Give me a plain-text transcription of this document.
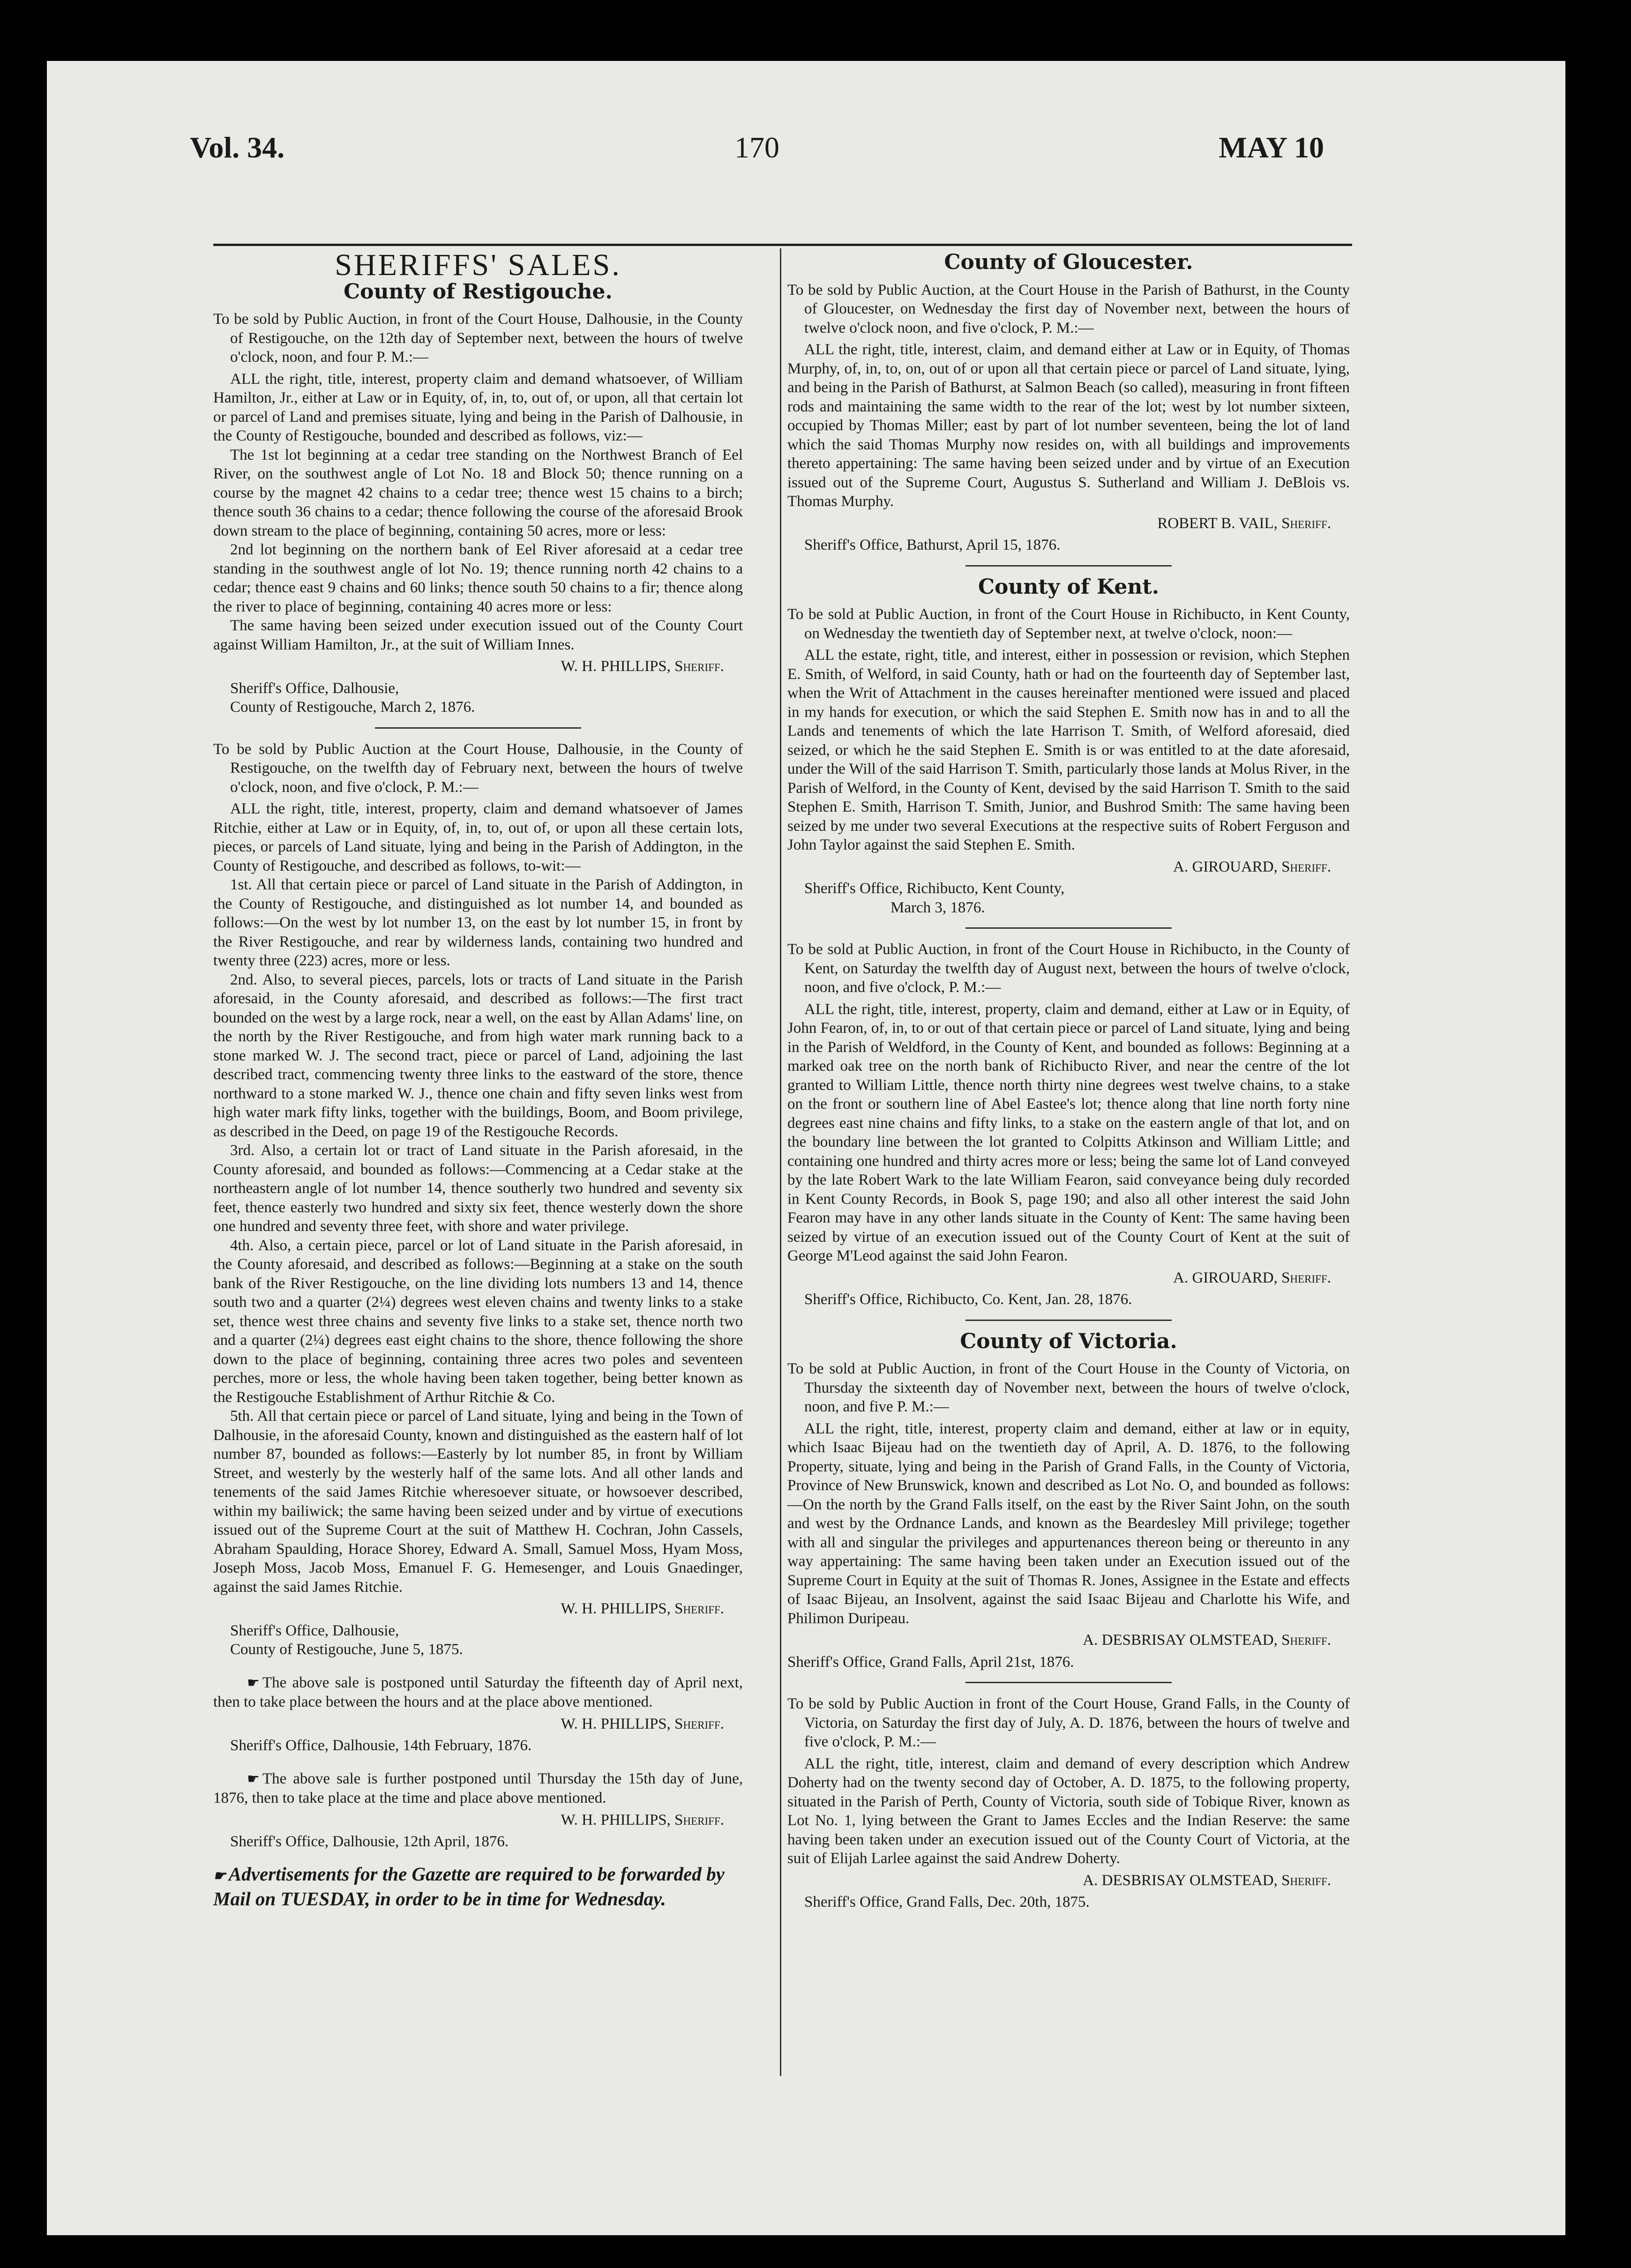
Vol. 34.	170	MAY 10
SHERIFFS' SALES.
County of Restigouche.

To be sold by Public Auction, in front of the Court House, Dalhousie, in the County of Restigouche, on the 12th day of September next, between the hours of twelve o'clock, noon, and four P. M.:—

ALL the right, title, interest, property claim and demand whatsoever, of William Hamilton, Jr., either at Law or in Equity, of, in, to, out of, or upon, all that certain lot or parcel of Land and premises situate, lying and being in the Parish of Dalhousie, in the County of Restigouche, bounded and described as follows, viz:—

The 1st lot beginning at a cedar tree standing on the Northwest Branch of Eel River, on the southwest angle of Lot No. 18 and Block 50; thence running on a course by the magnet 42 chains to a cedar tree; thence west 15 chains to a birch; thence south 36 chains to a cedar; thence following the course of the aforesaid Brook down stream to the place of beginning, containing 50 acres, more or less:

2nd lot beginning on the northern bank of Eel River aforesaid at a cedar tree standing in the southwest angle of lot No. 19; thence running north 42 chains to a cedar; thence east 9 chains and 60 links; thence south 50 chains to a fir; thence along the river to place of beginning, containing 40 acres more or less:

The same having been seized under execution issued out of the County Court against William Hamilton, Jr., at the suit of William Innes.

W. H. PHILLIPS, Sheriff.
Sheriff's Office, Dalhousie,
County of Restigouche, March 2, 1876.

To be sold by Public Auction at the Court House, Dalhousie, in the County of Restigouche, on the twelfth day of February next, between the hours of twelve o'clock, noon, and five o'clock, P. M.:—

ALL the right, title, interest, property, claim and demand whatsoever of James Ritchie, either at Law or in Equity, of, in, to, out of, or upon all these certain lots, pieces, or parcels of Land situate, lying and being in the Parish of Addington, in the County of Restigouche, and described as follows, to-wit:—

1st. All that certain piece or parcel of Land situate in the Parish of Addington, in the County of Restigouche, and distinguished as lot number 14, and bounded as follows:—On the west by lot number 13, on the east by lot number 15, in front by the River Restigouche, and rear by wilderness lands, containing two hundred and twenty three (223) acres, more or less.

2nd. Also, to several pieces, parcels, lots or tracts of Land situate in the Parish aforesaid, in the County aforesaid, and described as follows:—The first tract bounded on the west by a large rock, near a well, on the east by Allan Adams' line, on the north by the River Restigouche, and from high water mark running back to a stone marked W. J. The second tract, piece or parcel of Land, adjoining the last described tract, commencing twenty three links to the eastward of the store, thence northward to a stone marked W. J., thence one chain and fifty seven links west from high water mark fifty links, together with the buildings, Boom, and Boom privilege, as described in the Deed, on page 19 of the Restigouche Records.

3rd. Also, a certain lot or tract of Land situate in the Parish aforesaid, in the County aforesaid, and bounded as follows:—Commencing at a Cedar stake at the northeastern angle of lot number 14, thence southerly two hundred and seventy six feet, thence easterly two hundred and sixty six feet, thence westerly down the shore one hundred and seventy three feet, with shore and water privilege.

4th. Also, a certain piece, parcel or lot of Land situate in the Parish aforesaid, in the County aforesaid, and described as follows:—Beginning at a stake on the south bank of the River Restigouche, on the line dividing lots numbers 13 and 14, thence south two and a quarter (2¼) degrees west eleven chains and twenty links to a stake set, thence west three chains and seventy five links to a stake set, thence north two and a quarter (2¼) degrees east eight chains to the shore, thence following the shore down to the place of beginning, containing three acres two poles and seventeen perches, more or less, the whole having been taken together, being better known as the Restigouche Establishment of Arthur Ritchie & Co.

5th. All that certain piece or parcel of Land situate, lying and being in the Town of Dalhousie, in the aforesaid County, known and distinguished as the eastern half of lot number 87, bounded as follows:—Easterly by lot number 85, in front by William Street, and westerly by the westerly half of the same lots. And all other lands and tenements of the said James Ritchie wheresoever situate, or howsoever described, within my bailiwick; the same having been seized under and by virtue of executions issued out of the Supreme Court at the suit of Matthew H. Cochran, John Cassels, Abraham Spaulding, Horace Shorey, Edward A. Small, Samuel Moss, Hyam Moss, Joseph Moss, Jacob Moss, Emanuel F. G. Hemesenger, and Louis Gnaedinger, against the said James Ritchie.

W. H. PHILLIPS, Sheriff.
Sheriff's Office, Dalhousie,
County of Restigouche, June 5, 1875.

☛ The above sale is postponed until Saturday the fifteenth day of April next, then to take place between the hours and at the place above mentioned.

W. H. PHILLIPS, Sheriff.
Sheriff's Office, Dalhousie, 14th February, 1876.

☛ The above sale is further postponed until Thursday the 15th day of June, 1876, then to take place at the time and place above mentioned.

W. H. PHILLIPS, Sheriff.
Sheriff's Office, Dalhousie, 12th April, 1876.

☛ Advertisements for the Gazette are required to be forwarded by Mail on TUESDAY, in order to be in time for Wednesday.

County of Gloucester.

To be sold by Public Auction, at the Court House in the Parish of Bathurst, in the County of Gloucester, on Wednesday the first day of November next, between the hours of twelve o'clock noon, and five o'clock, P. M.:—

ALL the right, title, interest, claim, and demand either at Law or in Equity, of Thomas Murphy, of, in, to, on, out of or upon all that certain piece or parcel of Land situate, lying, and being in the Parish of Bathurst, at Salmon Beach (so called), measuring in front fifteen rods and maintaining the same width to the rear of the lot; west by lot number sixteen, occupied by Thomas Miller; east by part of lot number seventeen, being the lot of land which the said Thomas Murphy now resides on, with all buildings and improvements thereto appertaining: The same having been seized under and by virtue of an Execution issued out of the Supreme Court, Augustus S. Sutherland and William J. DeBlois vs. Thomas Murphy.

ROBERT B. VAIL, Sheriff.
Sheriff's Office, Bathurst, April 15, 1876.
County of Kent.

To be sold at Public Auction, in front of the Court House in Richibucto, in Kent County, on Wednesday the twentieth day of September next, at twelve o'clock, noon:—

ALL the estate, right, title, and interest, either in possession or revision, which Stephen E. Smith, of Welford, in said County, hath or had on the fourteenth day of September last, when the Writ of Attachment in the causes hereinafter mentioned were issued and placed in my hands for execution, or which the said Stephen E. Smith now has in and to all the Lands and tenements of which the late Harrison T. Smith, of Welford aforesaid, died seized, or which he the said Stephen E. Smith is or was entitled to at the date aforesaid, under the Will of the said Harrison T. Smith, particularly those lands at Molus River, in the Parish of Welford, in the County of Kent, devised by the said Harrison T. Smith to the said Stephen E. Smith, Harrison T. Smith, Junior, and Bushrod Smith: The same having been seized by me under two several Executions at the respective suits of Robert Ferguson and John Taylor against the said Stephen E. Smith.

A. GIROUARD, Sheriff.
Sheriff's Office, Richibucto, Kent County,
March 3, 1876.

To be sold at Public Auction, in front of the Court House in Richibucto, in the County of Kent, on Saturday the twelfth day of August next, between the hours of twelve o'clock, noon, and five o'clock, P. M.:—

ALL the right, title, interest, property, claim and demand, either at Law or in Equity, of John Fearon, of, in, to or out of that certain piece or parcel of Land situate, lying and being in the Parish of Weldford, in the County of Kent, and bounded as follows: Beginning at a marked oak tree on the north bank of Richibucto River, and near the centre of the lot granted to William Little, thence north thirty nine degrees west twelve chains, to a stake on the front or southern line of Abel Eastee's lot; thence along that line north forty nine degrees east nine chains and fifty links, to a stake on the eastern angle of that lot, and on the boundary line between the lot granted to Colpitts Atkinson and William Little; and containing one hundred and thirty acres more or less; being the same lot of Land conveyed by the late Robert Wark to the late William Fearon, said conveyance being duly recorded in Kent County Records, in Book S, page 190; and also all other interest the said John Fearon may have in any other lands situate in the County of Kent: The same having been seized by virtue of an execution issued out of the County Court of Kent at the suit of George M'Leod against the said John Fearon.

A. GIROUARD, Sheriff.
Sheriff's Office, Richibucto, Co. Kent, Jan. 28, 1876.
County of Victoria.

To be sold at Public Auction, in front of the Court House in the County of Victoria, on Thursday the sixteenth day of November next, between the hours of twelve o'clock, noon, and five P. M.:—

ALL the right, title, interest, property claim and demand, either at law or in equity, which Isaac Bijeau had on the twentieth day of April, A. D. 1876, to the following Property, situate, lying and being in the Parish of Grand Falls, in the County of Victoria, Province of New Brunswick, known and described as Lot No. O, and bounded as follows:—On the north by the Grand Falls itself, on the east by the River Saint John, on the south and west by the Ordnance Lands, and known as the Beardesley Mill privilege; together with all and singular the privileges and appurtenances thereon being or thereunto in any way appertaining: The same having been taken under an Execution issued out of the Supreme Court in Equity at the suit of Thomas R. Jones, Assignee in the Estate and effects of Isaac Bijeau, an Insolvent, against the said Isaac Bijeau and Charlotte his Wife, and Philimon Duripeau.

A. DESBRISAY OLMSTEAD, Sheriff.
Sheriff's Office, Grand Falls, April 21st, 1876.

To be sold by Public Auction in front of the Court House, Grand Falls, in the County of Victoria, on Saturday the first day of July, A. D. 1876, between the hours of twelve and five o'clock, P. M.:—

ALL the right, title, interest, claim and demand of every description which Andrew Doherty had on the twenty second day of October, A. D. 1875, to the following property, situated in the Parish of Perth, County of Victoria, south side of Tobique River, known as Lot No. 1, lying between the Grant to James Eccles and the Indian Reserve: the same having been taken under an execution issued out of the County Court of Victoria, at the suit of Elijah Larlee against the said Andrew Doherty.

A. DESBRISAY OLMSTEAD, Sheriff.
Sheriff's Office, Grand Falls, Dec. 20th, 1875.
